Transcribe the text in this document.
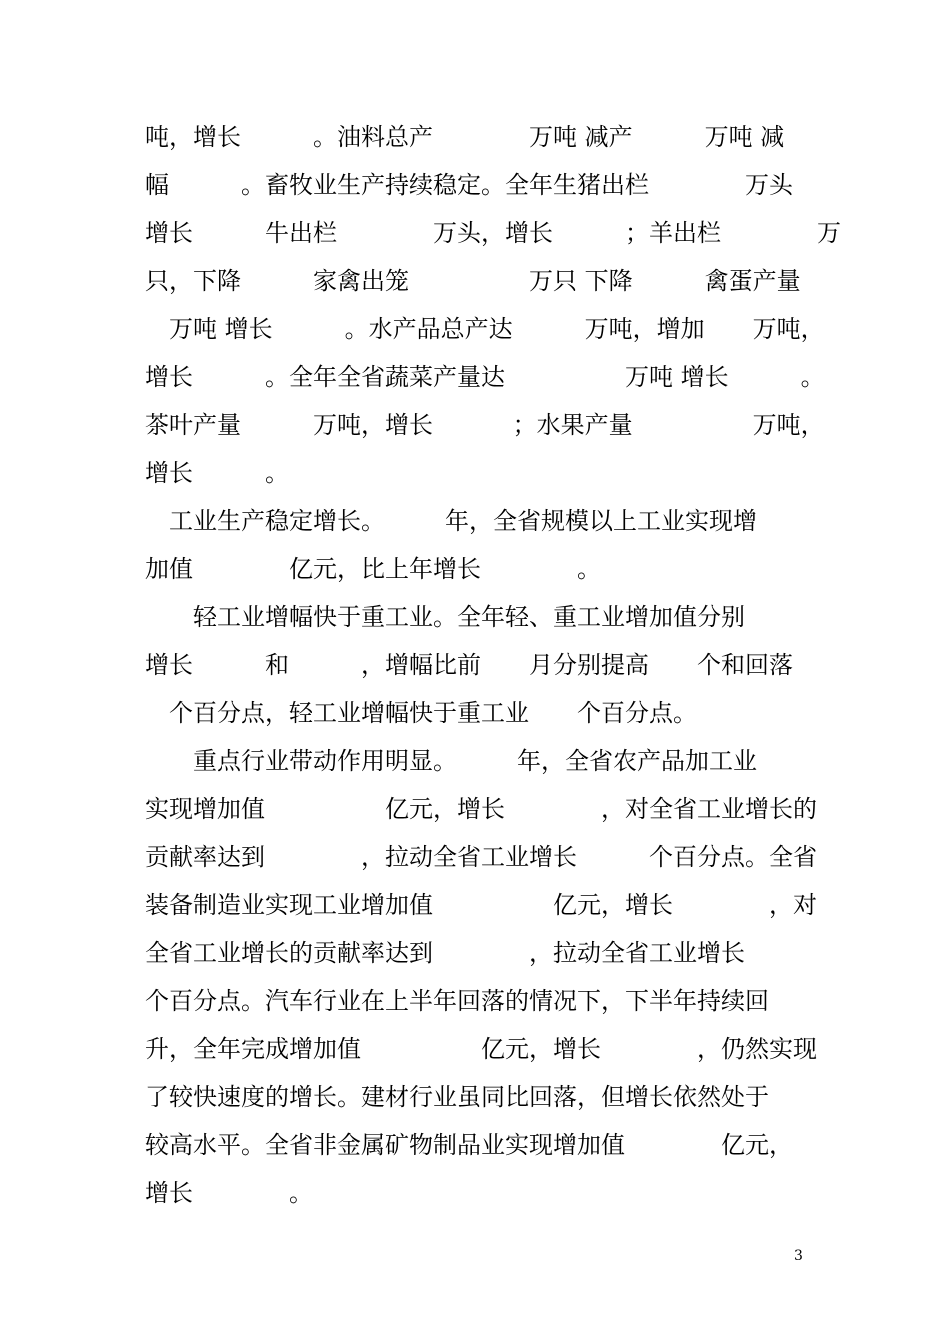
吨，增长　　　。油料总产　　　　万吨 减产　　　万吨 减
幅　　　。畜牧业生产持续稳定。全年生猪出栏　　　　万头
增长　　　牛出栏　　　　万头，增长　　　；羊出栏　　　　万
只，下降　　　家禽出笼　　　　　万只 下降　　　禽蛋产量
　万吨 增长　　　。水产品总产达　　　万吨，增加　　万吨，
增长　　　。全年全省蔬菜产量达　　　　　万吨 增长　　　。
茶叶产量　　　万吨，增长　　　 ；水果产量　　　　　万吨，
增长　　　。
　工业生产稳定增长。　　　年，全省规模以上工业实现增
加值　　　　亿元，比上年增长　　　　。
　　轻工业增幅快于重工业。全年轻、重工业增加值分别
增长　　　和　　　，增幅比前　　月分别提高　　个和回落
　个百分点，轻工业增幅快于重工业　　个百分点。
　　重点行业带动作用明显。　　　年，全省农产品加工业
实现增加值　　　　　亿元，增长　　　　，对全省工业增长的
贡献率达到　　　　，拉动全省工业增长　　　个百分点。全省
装备制造业实现工业增加值　　　　　亿元，增长　　　　，对
全省工业增长的贡献率达到　　　　，拉动全省工业增长
个百分点。汽车行业在上半年回落的情况下，下半年持续回
升，全年完成增加值　　　　　亿元，增长　　　　，仍然实现
了较快速度的增长。建材行业虽同比回落，但增长依然处于
较高水平。全省非金属矿物制品业实现增加值　　　　亿元，
增长　　　　。
3
